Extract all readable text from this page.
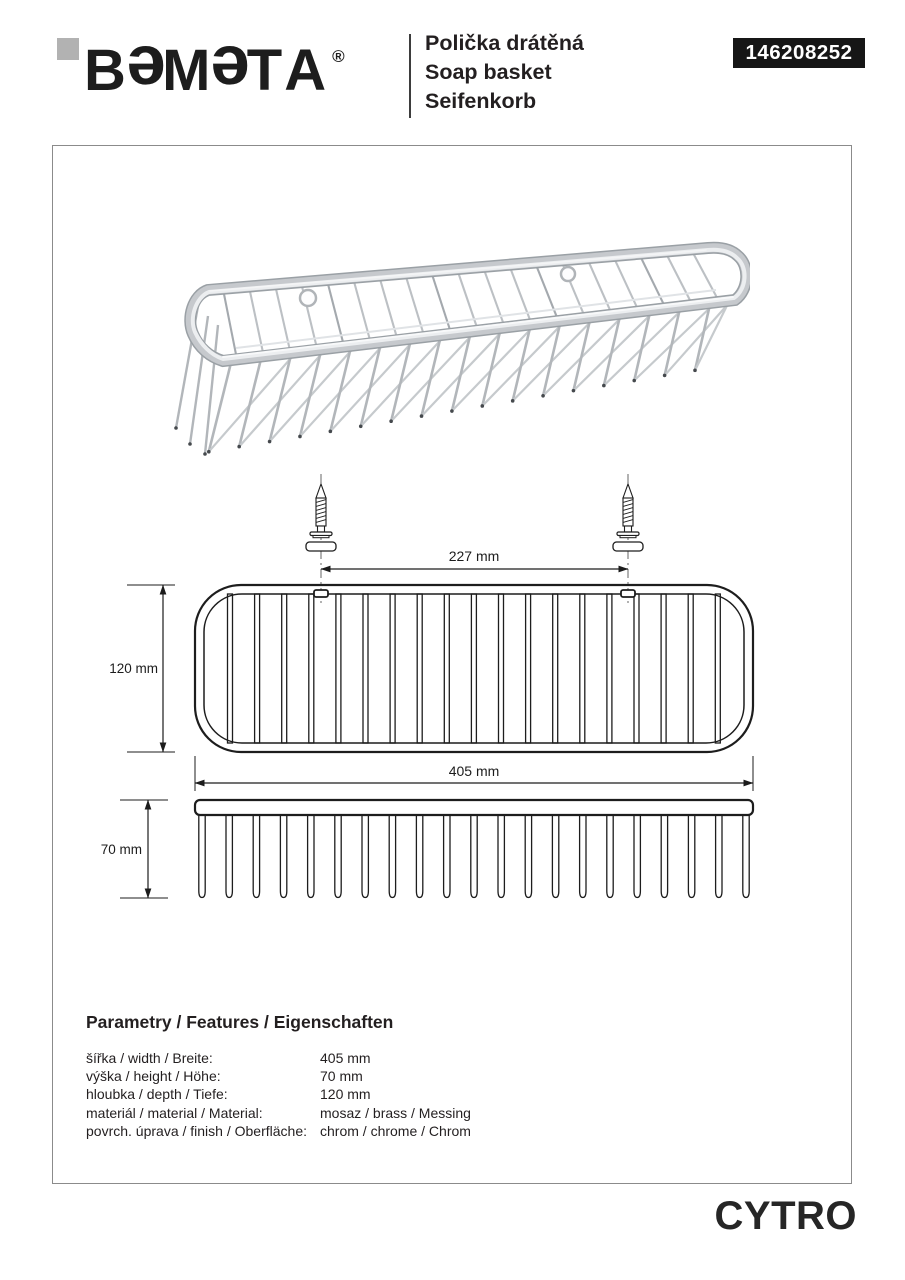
BeMeTA ®
Polička drátěná
Soap basket
Seifenkorb
146208252
227 mm
120 mm
405 mm
70 mm
Parametry / Features / Eigenschaften
šířka / width / Breite:	405 mm
výška / height / Höhe:	70 mm
hloubka / depth / Tiefe:	120 mm
materiál / material / Material:	mosaz / brass / Messing
povrch. úprava / finish / Oberfläche: chrom / chrome / Chrom
CYTRO
